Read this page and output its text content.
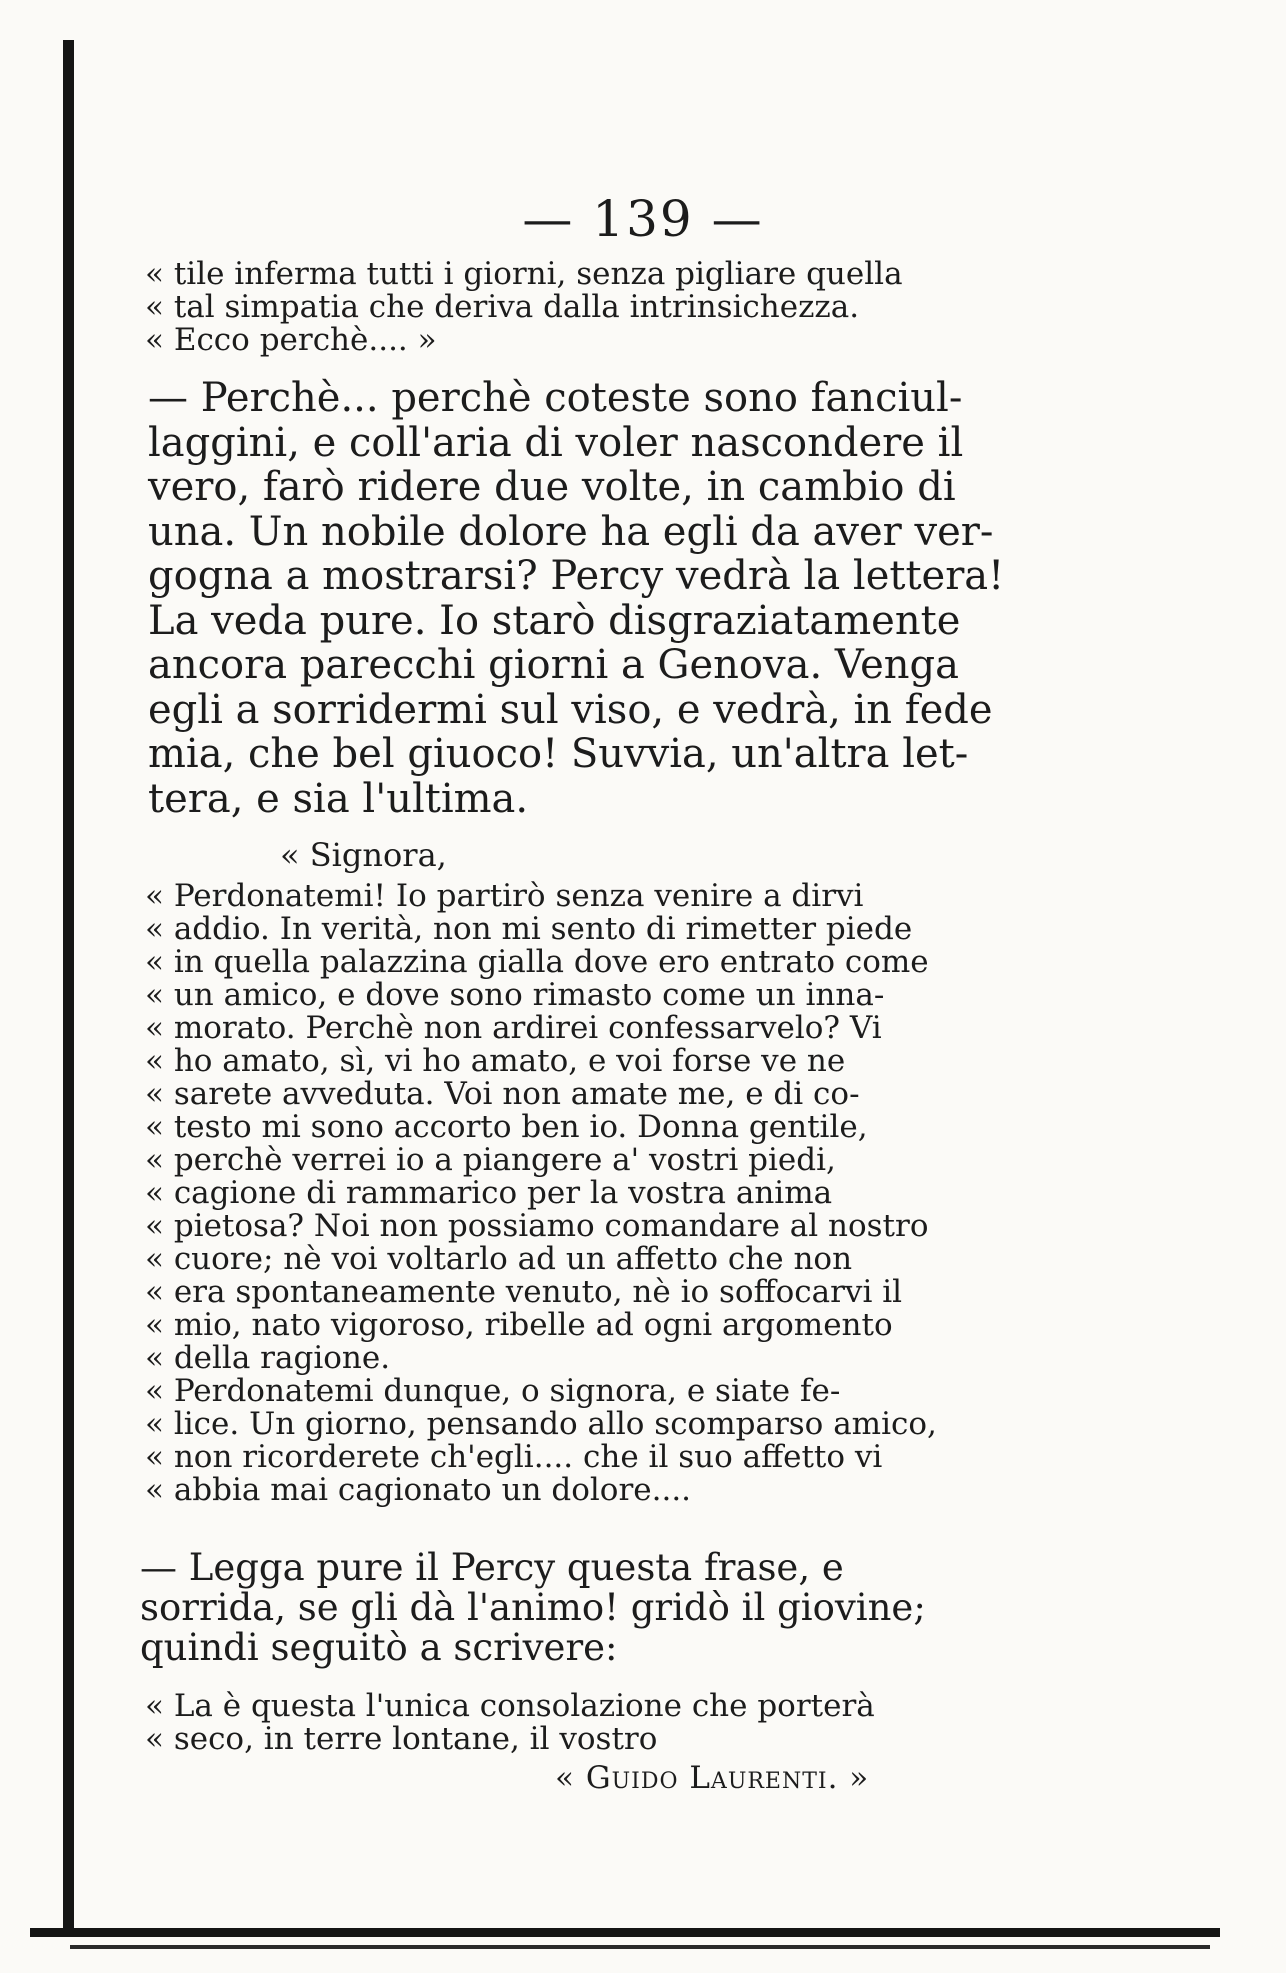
— 139 —
« tile inferma tutti i giorni, senza pigliare quella
« tal simpatia che deriva dalla intrinsichezza.
« Ecco perchè.... »
— Perchè... perchè coteste sono fanciul-
laggini, e coll'aria di voler nascondere il
vero, farò ridere due volte, in cambio di
una. Un nobile dolore ha egli da aver ver-
gogna a mostrarsi? Percy vedrà la lettera!
La veda pure. Io starò disgraziatamente
ancora parecchi giorni a Genova. Venga
egli a sorridermi sul viso, e vedrà, in fede
mia, che bel giuoco! Suvvia, un'altra let-
tera, e sia l'ultima.
« Signora,
« Perdonatemi! Io partirò senza venire a dirvi
« addio. In verità, non mi sento di rimetter piede
« in quella palazzina gialla dove ero entrato come
« un amico, e dove sono rimasto come un inna-
« morato. Perchè non ardirei confessarvelo? Vi
« ho amato, sì, vi ho amato, e voi forse ve ne
« sarete avveduta. Voi non amate me, e di co-
« testo mi sono accorto ben io. Donna gentile,
« perchè verrei io a piangere a' vostri piedi,
« cagione di rammarico per la vostra anima
« pietosa? Noi non possiamo comandare al nostro
« cuore; nè voi voltarlo ad un affetto che non
« era spontaneamente venuto, nè io soffocarvi il
« mio, nato vigoroso, ribelle ad ogni argomento
« della ragione.
« Perdonatemi dunque, o signora, e siate fe-
« lice. Un giorno, pensando allo scomparso amico,
« non ricorderete ch'egli.... che il suo affetto vi
« abbia mai cagionato un dolore....
— Legga pure il Percy questa frase, e
sorrida, se gli dà l'animo! gridò il giovine;
quindi seguitò a scrivere:
« La è questa l'unica consolazione che porterà
« seco, in terre lontane, il vostro
« Guido Laurenti. »
